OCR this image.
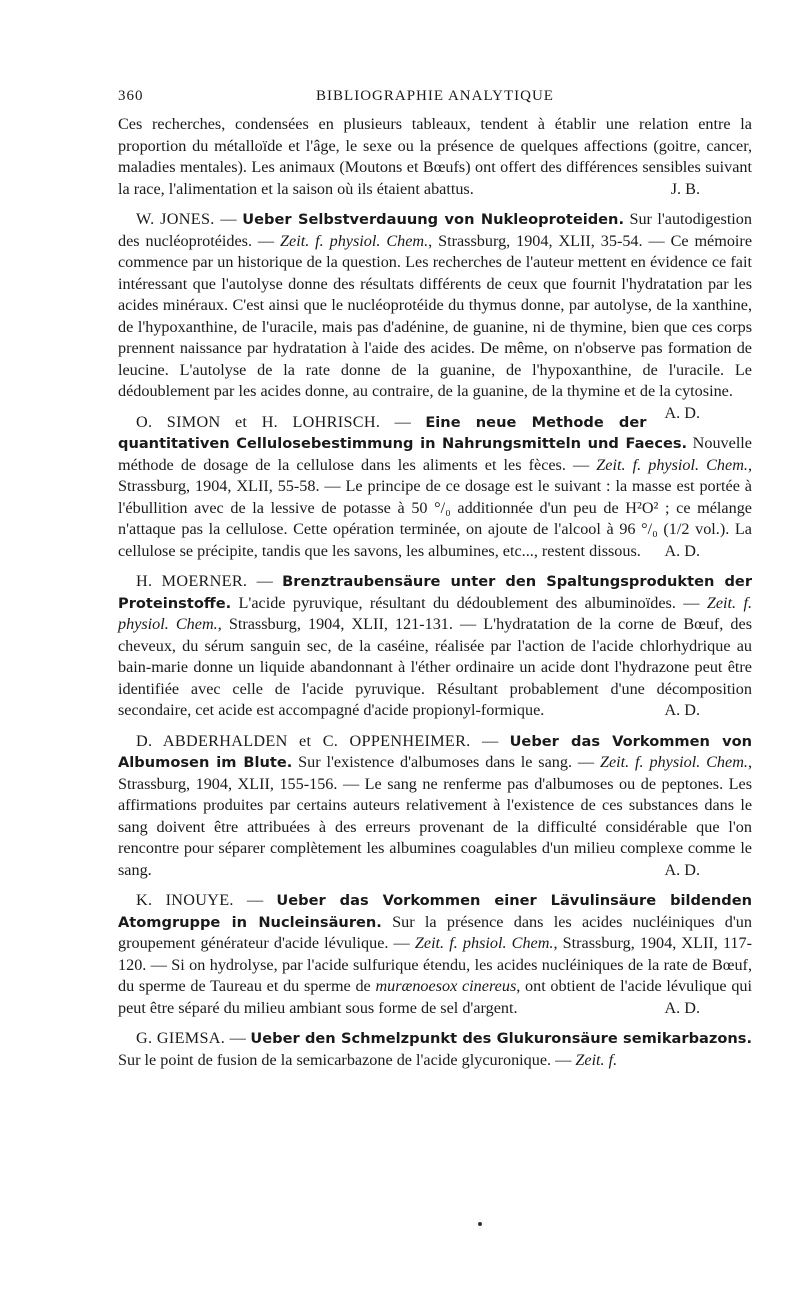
360	BIBLIOGRAPHIE ANALYTIQUE

Ces recherches, condensées en plusieurs tableaux, tendent à établir une relation entre la proportion du métalloïde et l'âge, le sexe ou la présence de quelques affections (goitre, cancer, maladies mentales). Les animaux (Moutons et Bœufs) ont offert des différences sensibles suivant la race, l'alimentation et la saison où ils étaient abattus.	J. B.

W. JONES. — Ueber Selbstverdauung von Nukleoproteiden. Sur l'autodigestion des nucléoprotéides. — Zeit. f. physiol. Chem., Strassburg, 1904, XLII, 35-54. — Ce mémoire commence par un historique de la question. Les recherches de l'auteur mettent en évidence ce fait intéressant que l'autolyse donne des résultats différents de ceux que fournit l'hydratation par les acides minéraux. C'est ainsi que le nucléoprotéide du thymus donne, par autolyse, de la xanthine, de l'hypoxanthine, de l'uracile, mais pas d'adénine, de guanine, ni de thymine, bien que ces corps prennent naissance par hydratation à l'aide des acides. De même, on n'observe pas formation de leucine. L'autolyse de la rate donne de la guanine, de l'hypoxanthine, de l'uracile. Le dédoublement par les acides donne, au contraire, de la guanine, de la thymine et de la cytosine.
A. D.

O. SIMON et H. LOHRISCH. — Eine neue Methode der quantitativen Cellulosebestimmung in Nahrungsmitteln und Faeces. Nouvelle méthode de dosage de la cellulose dans les aliments et les fèces. — Zeit. f. physiol. Chem., Strassburg, 1904, XLII, 55-58. — Le principe de ce dosage est le suivant : la masse est portée à l'ébullition avec de la lessive de potasse à 50 °/₀ additionnée d'un peu de H²O² ; ce mélange n'attaque pas la cellulose. Cette opération terminée, on ajoute de l'alcool à 96 °/₀ (1/2 vol.). La cellulose se précipite, tandis que les savons, les albumines, etc..., restent dissous.	A. D.

H. MOERNER. — Brenztraubensäure unter den Spaltungsprodukten der Proteinstoffe. L'acide pyruvique, résultant du dédoublement des albuminoïdes. — Zeit. f. physiol. Chem., Strassburg, 1904, XLII, 121-131. — L'hydratation de la corne de Bœuf, des cheveux, du sérum sanguin sec, de la caséine, réalisée par l'action de l'acide chlorhydrique au bain-marie donne un liquide abandonnant à l'éther ordinaire un acide dont l'hydrazone peut être identifiée avec celle de l'acide pyruvique. Résultant probablement d'une décomposition secondaire, cet acide est accompagné d'acide propionyl-formique.	A. D.

D. ABDERHALDEN et C. OPPENHEIMER. — Ueber das Vorkommen von Albumosen im Blute. Sur l'existence d'albumoses dans le sang. — Zeit. f. physiol. Chem., Strassburg, 1904, XLII, 155-156. — Le sang ne renferme pas d'albumoses ou de peptones. Les affirmations produites par certains auteurs relativement à l'existence de ces substances dans le sang doivent être attribuées à des erreurs provenant de la difficulté considérable que l'on rencontre pour séparer complètement les albumines coagulables d'un milieu complexe comme le sang.	A. D.

K. INOUYE. — Ueber das Vorkommen einer Lävulinsäure bildenden Atomgruppe in Nucleinsäuren. Sur la présence dans les acides nucléiniques d'un groupement générateur d'acide lévulique. — Zeit. f. phsiol. Chem., Strassburg, 1904, XLII, 117-120. — Si on hydrolyse, par l'acide sulfurique étendu, les acides nucléiniques de la rate de Bœuf, du sperme de Taureau et du sperme de murænoesox cinereus, ont obtient de l'acide lévulique qui peut être séparé du milieu ambiant sous forme de sel d'argent.	A. D.

G. GIEMSA. — Ueber den Schmelzpunkt des Glukuronsäure semikarbazons. Sur le point de fusion de la semicarbazone de l'acide glycuronique. — Zeit. f.
